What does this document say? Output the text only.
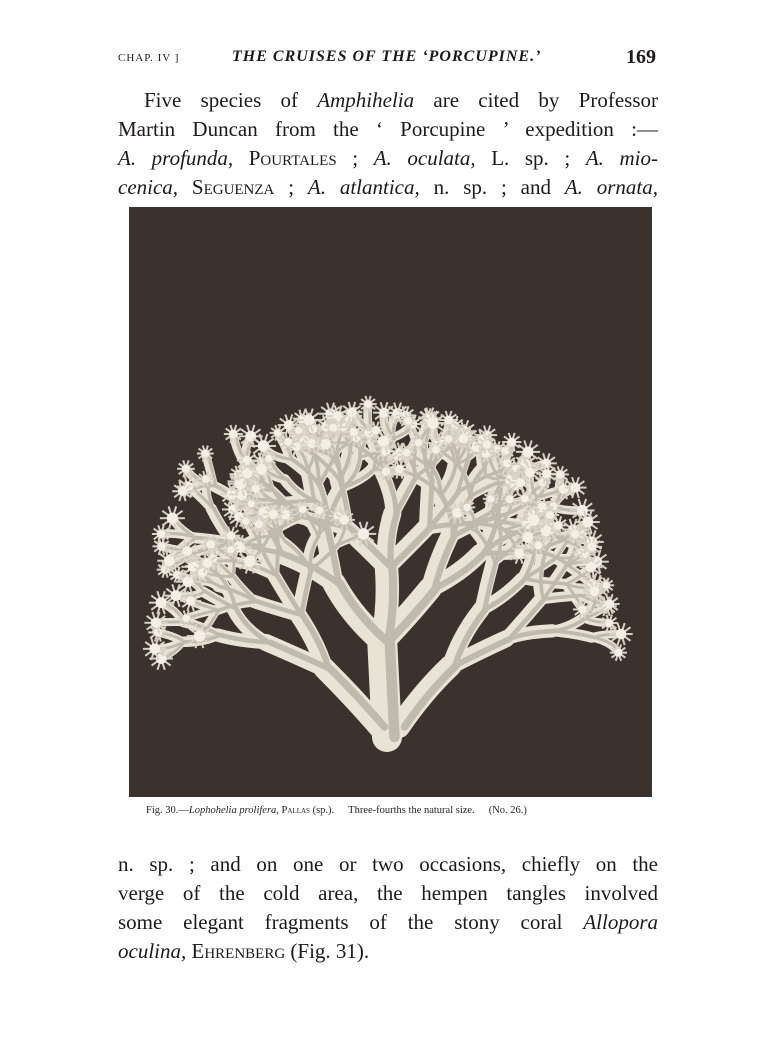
CHAP. IV ]	THE CRUISES OF THE ‘PORCUPINE.’	169

Five species of Amphihelia are cited by Professor
Martin Duncan from the ‘ Porcupine ’ expedition :—
A. profunda, Pourtales ; A. oculata, L. sp. ; A. mio-
cenica, Seguenza ; A. atlantica, n. sp. ; and A. ornata,

Fig. 30.—Lophohelia prolifera, Pallas (sp.). Three-fourths the natural size. (No. 26.)

n. sp. ; and on one or two occasions, chiefly on the
verge of the cold area, the hempen tangles involved
some elegant fragments of the stony coral Allopora
oculina, Ehrenberg (Fig. 31).
